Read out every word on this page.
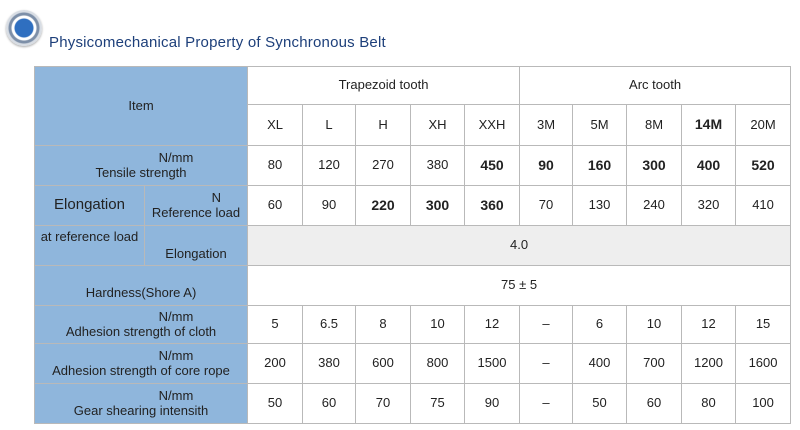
Physicomechanical Property of Synchronous Belt
Item		Trapezoid tooth					Arc tooth				
		XL	L	H	XH	XXH	3M	5M	8M	14M	20M

N/mm
Tensile strength		80	120	270	380	450	90	160	300	400	520
Elongation	N
Reference load	60	90	220	300	360	70	130	240	320	410
at reference load	Elongation	4.0									
Hardness(Shore A)		75 ± 5									

N/mm
Adhesion strength of cloth		5	6.5	8	10	12	–	6	10	12	15

N/mm
Adhesion strength of core rope		200	380	600	800	1500	–	400	700	1200	1600

N/mm
Gear shearing intensith		50	60	70	75	90	–	50	60	80	100
